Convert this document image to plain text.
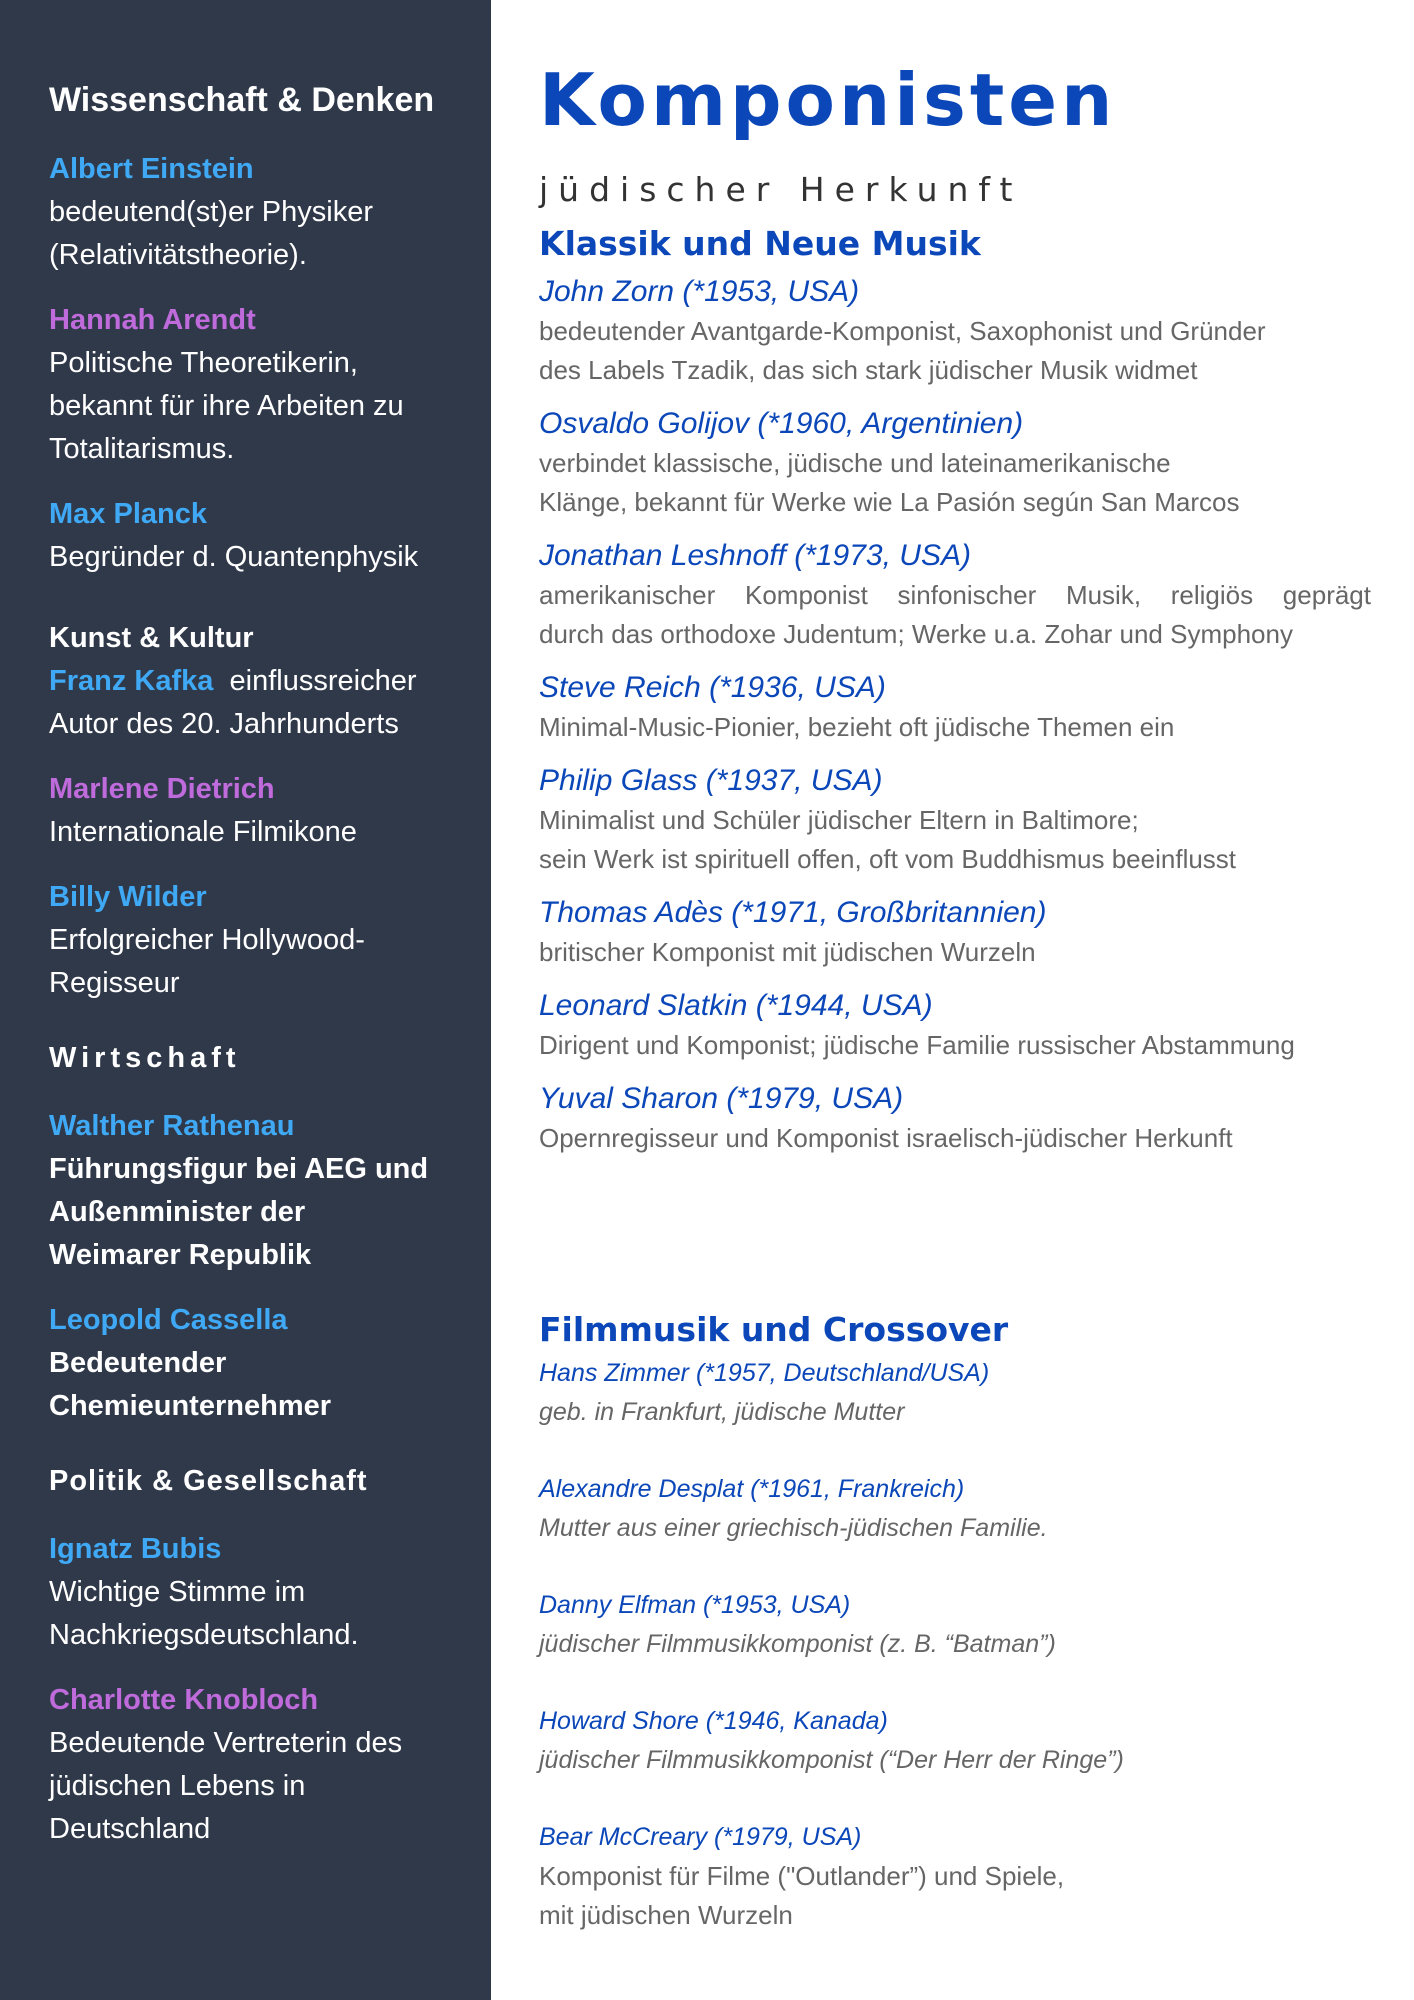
Wissenschaft & Denken
Albert Einstein
bedeutend(st)er Physiker
(Relativitätstheorie).
Hannah Arendt
Politische Theoretikerin,
bekannt für ihre Arbeiten zu
Totalitarismus.
Max Planck
Begründer d. Quantenphysik
Kunst & Kultur
Franz Kafka einflussreicher
Autor des 20. Jahrhunderts
Marlene Dietrich
Internationale Filmikone
Billy Wilder
Erfolgreicher Hollywood-
Regisseur
Wirtschaft
Walther Rathenau
Führungsfigur bei AEG und
Außenminister der
Weimarer Republik
Leopold Cassella
Bedeutender
Chemieunternehmer
Politik & Gesellschaft
Ignatz Bubis
Wichtige Stimme im
Nachkriegsdeutschland.
Charlotte Knobloch
Bedeutende Vertreterin des
jüdischen Lebens in
Deutschland
Komponisten
jüdischer Herkunft
Klassik und Neue Musik
John Zorn (*1953, USA)
bedeutender Avantgarde-Komponist, Saxophonist und Gründer
des Labels Tzadik, das sich stark jüdischer Musik widmet
Osvaldo Golijov (*1960, Argentinien)
verbindet klassische, jüdische und lateinamerikanische
Klänge, bekannt für Werke wie La Pasión según San Marcos
Jonathan Leshnoff (*1973, USA)
amerikanischer Komponist sinfonischer Musik, religiös geprägt
durch das orthodoxe Judentum; Werke u.a. Zohar und Symphony
Steve Reich (*1936, USA)
Minimal-Music-Pionier, bezieht oft jüdische Themen ein
Philip Glass (*1937, USA)
Minimalist und Schüler jüdischer Eltern in Baltimore;
sein Werk ist spirituell offen, oft vom Buddhismus beeinflusst
Thomas Adès (*1971, Großbritannien)
britischer Komponist mit jüdischen Wurzeln
Leonard Slatkin (*1944, USA)
Dirigent und Komponist; jüdische Familie russischer Abstammung
Yuval Sharon (*1979, USA)
Opernregisseur und Komponist israelisch-jüdischer Herkunft
Filmmusik und Crossover
Hans Zimmer (*1957, Deutschland/USA)
geb. in Frankfurt, jüdische Mutter
Alexandre Desplat (*1961, Frankreich)
Mutter aus einer griechisch-jüdischen Familie.
Danny Elfman (*1953, USA)
jüdischer Filmmusikkomponist (z. B. “Batman”)
Howard Shore (*1946, Kanada)
jüdischer Filmmusikkomponist (“Der Herr der Ringe”)
Bear McCreary (*1979, USA)
Komponist für Filme ("Outlander”) und Spiele,
mit jüdischen Wurzeln
